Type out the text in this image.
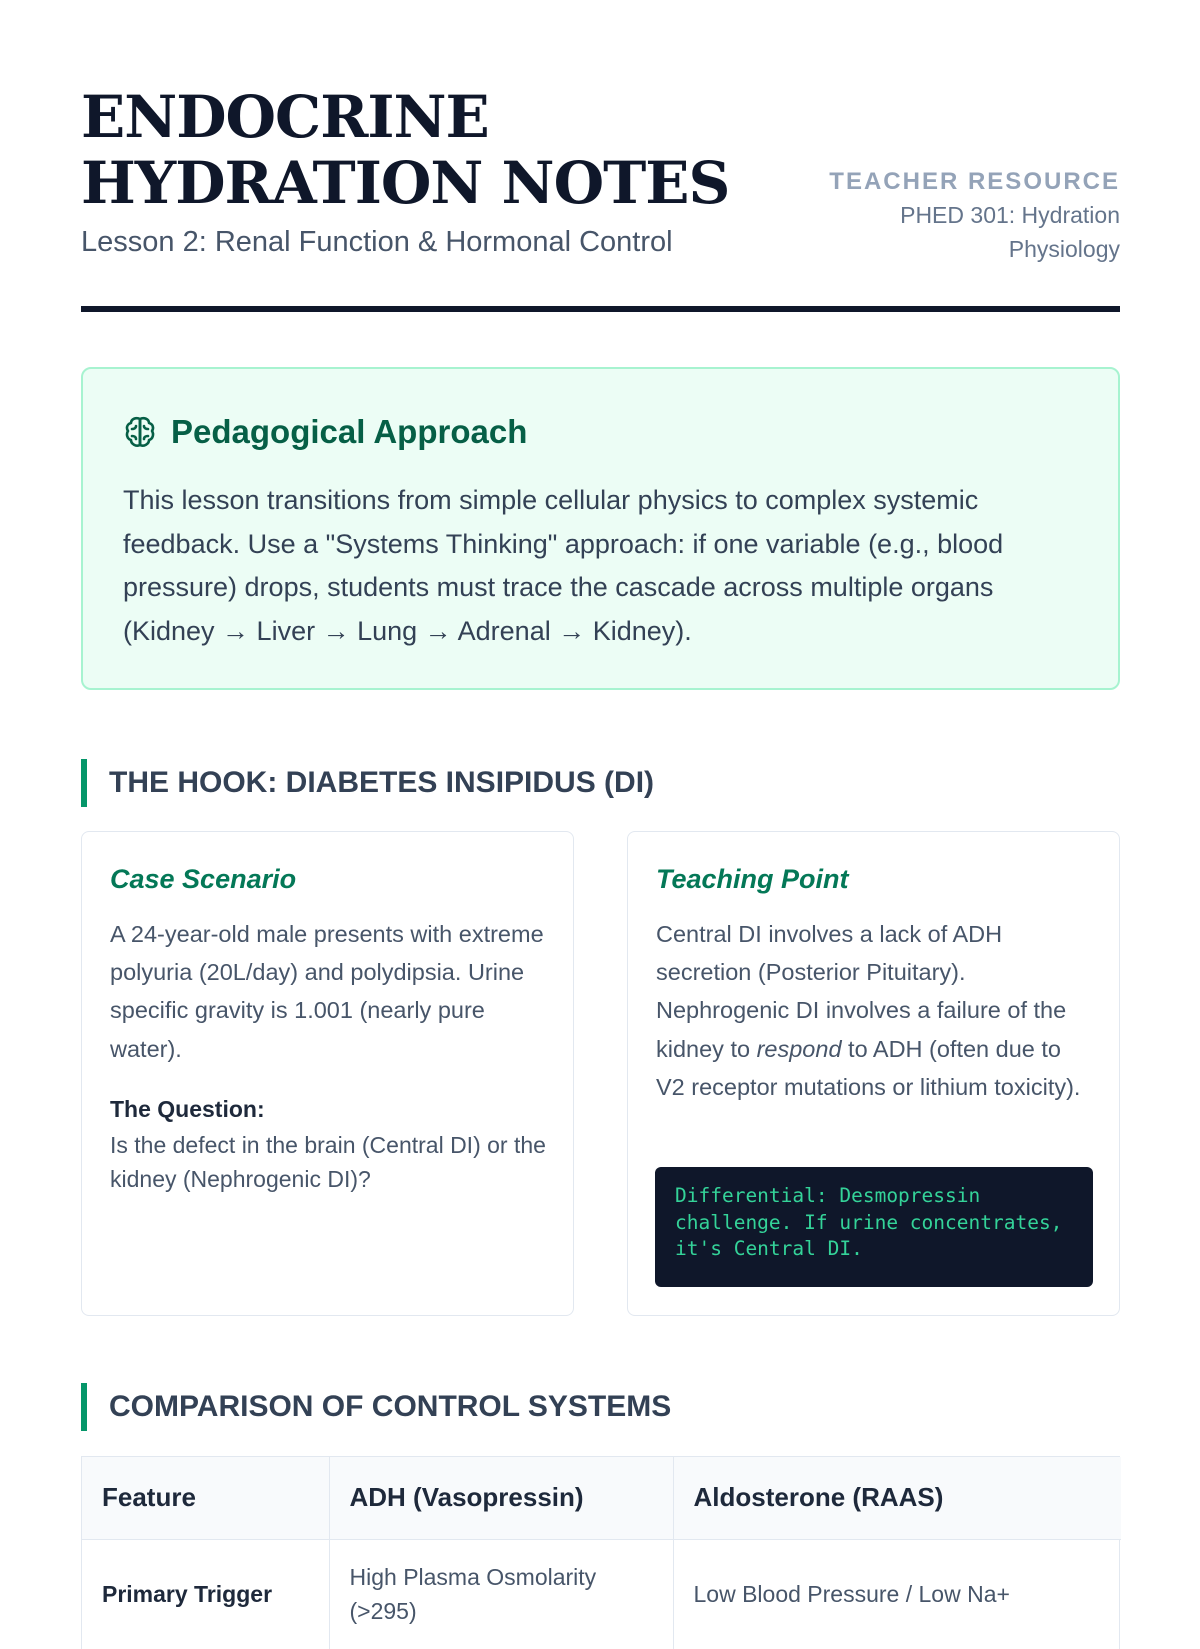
ENDOCRINE HYDRATION NOTES
Lesson 2: Renal Function & Hormonal Control
TEACHER RESOURCE
PHED 301: Hydration Physiology
Pedagogical Approach

This lesson transitions from simple cellular physics to complex systemic feedback. Use a "Systems Thinking" approach: if one variable (e.g., blood pressure) drops, students must trace the cascade across multiple organs (Kidney → Liver → Lung → Adrenal → Kidney).

THE HOOK: DIABETES INSIPIDUS (DI)
Case Scenario

A 24-year-old male presents with extreme polyuria (20L/day) and polydipsia. Urine specific gravity is 1.001 (nearly pure water).

The Question:

Is the defect in the brain (Central DI) or the kidney (Nephrogenic DI)?

Teaching Point

Central DI involves a lack of ADH secretion (Posterior Pituitary). Nephrogenic DI involves a failure of the kidney to respond to ADH (often due to V2 receptor mutations or lithium toxicity).

Differential: Desmopressin challenge. If urine concentrates, it's Central DI.
COMPARISON OF CONTROL SYSTEMS
Feature	ADH (Vasopressin)	Aldosterone (RAAS)
Primary Trigger	High Plasma Osmolarity (>295)	Low Blood Pressure / Low Na+
